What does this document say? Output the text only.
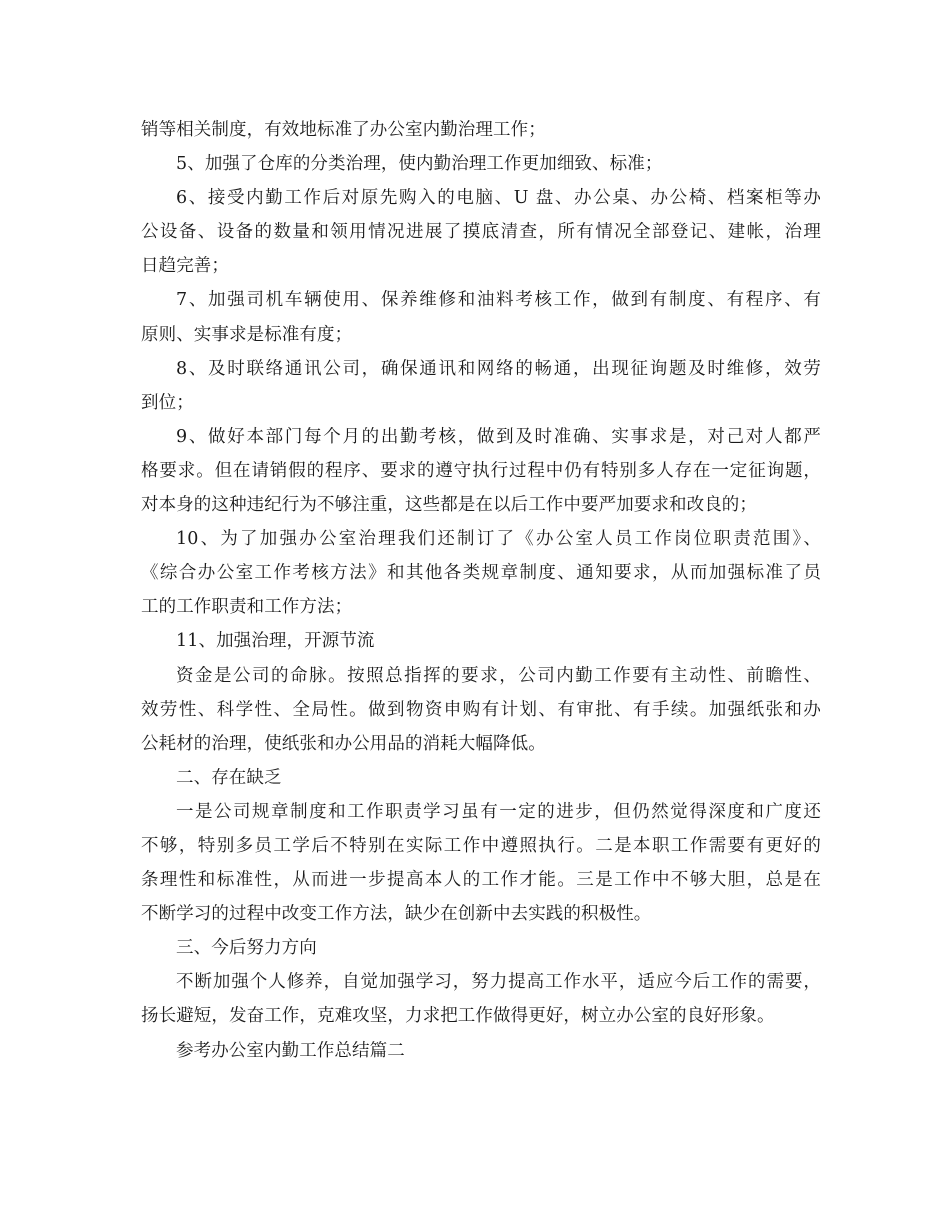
销等相关制度，有效地标准了办公室内勤治理工作；
5、加强了仓库的分类治理，使内勤治理工作更加细致、标准；
6、接受内勤工作后对原先购入的电脑、U 盘、办公桌、办公椅、档案柜等办
公设备、设备的数量和领用情况进展了摸底清查，所有情况全部登记、建帐，治理
日趋完善；
7、加强司机车辆使用、保养维修和油料考核工作，做到有制度、有程序、有
原则、实事求是标准有度；
8、及时联络通讯公司，确保通讯和网络的畅通，出现征询题及时维修，效劳
到位；
9、做好本部门每个月的出勤考核，做到及时准确、实事求是，对己对人都严
格要求。但在请销假的程序、要求的遵守执行过程中仍有特别多人存在一定征询题，
对本身的这种违纪行为不够注重，这些都是在以后工作中要严加要求和改良的；
10、为了加强办公室治理我们还制订了《办公室人员工作岗位职责范围》、
《综合办公室工作考核方法》和其他各类规章制度、通知要求，从而加强标准了员
工的工作职责和工作方法；
11、加强治理，开源节流
资金是公司的命脉。按照总指挥的要求，公司内勤工作要有主动性、前瞻性、
效劳性、科学性、全局性。做到物资申购有计划、有审批、有手续。加强纸张和办
公耗材的治理，使纸张和办公用品的消耗大幅降低。
二、存在缺乏
一是公司规章制度和工作职责学习虽有一定的进步，但仍然觉得深度和广度还
不够，特别多员工学后不特别在实际工作中遵照执行。二是本职工作需要有更好的
条理性和标准性，从而进一步提高本人的工作才能。三是工作中不够大胆，总是在
不断学习的过程中改变工作方法，缺少在创新中去实践的积极性。
三、今后努力方向
不断加强个人修养，自觉加强学习，努力提高工作水平，适应今后工作的需要，
扬长避短，发奋工作，克难攻坚，力求把工作做得更好，树立办公室的良好形象。
参考办公室内勤工作总结篇二
